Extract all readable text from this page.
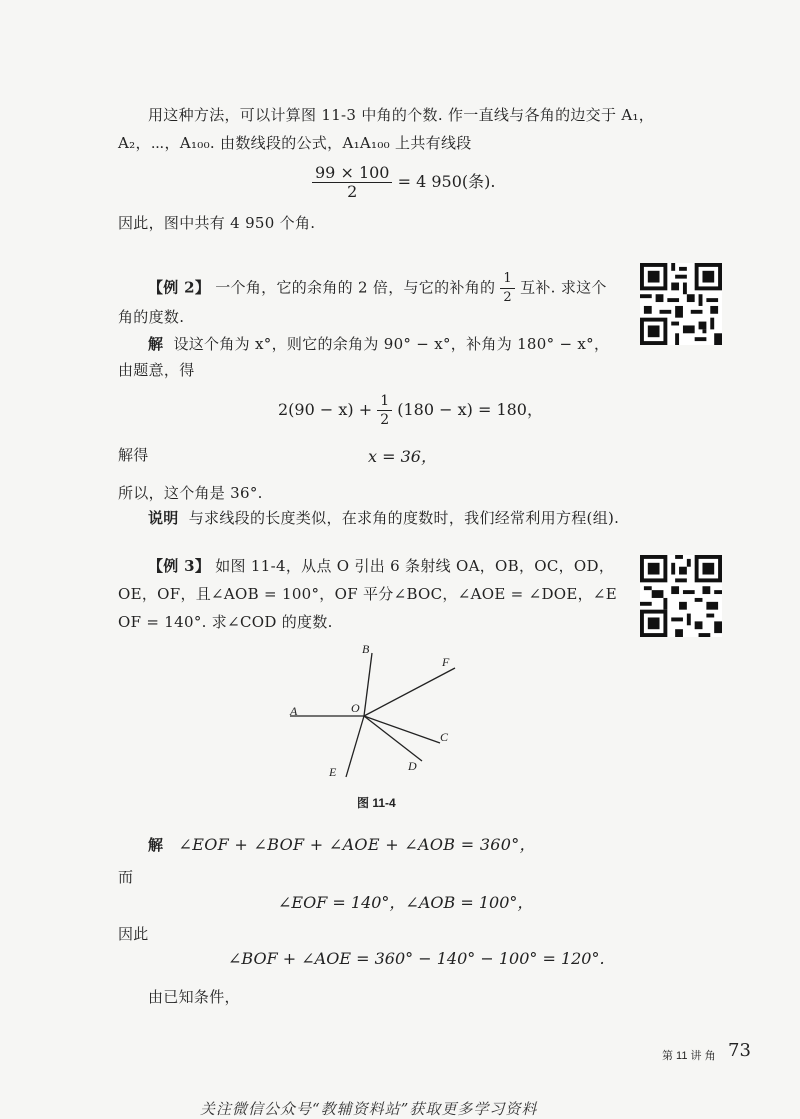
用这种方法，可以计算图 11-3 中角的个数. 作一直线与各角的边交于 A₁，
A₂，⋯，A₁₀₀. 由数线段的公式，A₁A₁₀₀ 上共有线段
$\frac{99 \times 100}{2} = 4$ 950(条).
因此，图中共有 4 950 个角.
【例 2】 一个角，它的余角的 2 倍，与它的补角的 $\frac{1}{2}$ 互补. 求这个
角的度数.
解 设这个角为 x°，则它的余角为 90° − x°，补角为 180° − x°，
由题意，得
$2(90 - x) + \frac{1}{2} (180 - x) = 180$，
解得	x = 36，
所以，这个角是 36°.
说明 与求线段的长度类似，在求角的度数时，我们经常利用方程(组).
【例 3】 如图 11-4，从点 O 引出 6 条射线 OA，OB，OC，OD，
OE，OF，且∠AOB = 100°，OF 平分∠BOC，∠AOE = ∠DOE，∠E
OF = 140°. 求∠COD 的度数.
A
B
F
O
C
D
E
图 11-4
解 ∠EOF + ∠BOF + ∠AOE + ∠AOB = 360°，
而
∠EOF = 140°，∠AOB = 100°，
因此
∠BOF + ∠AOE = 360° − 140° − 100° = 120°.
由已知条件，
第 11 讲 角 73
关注微信公众号“教辅资料站”获取更多学习资料
